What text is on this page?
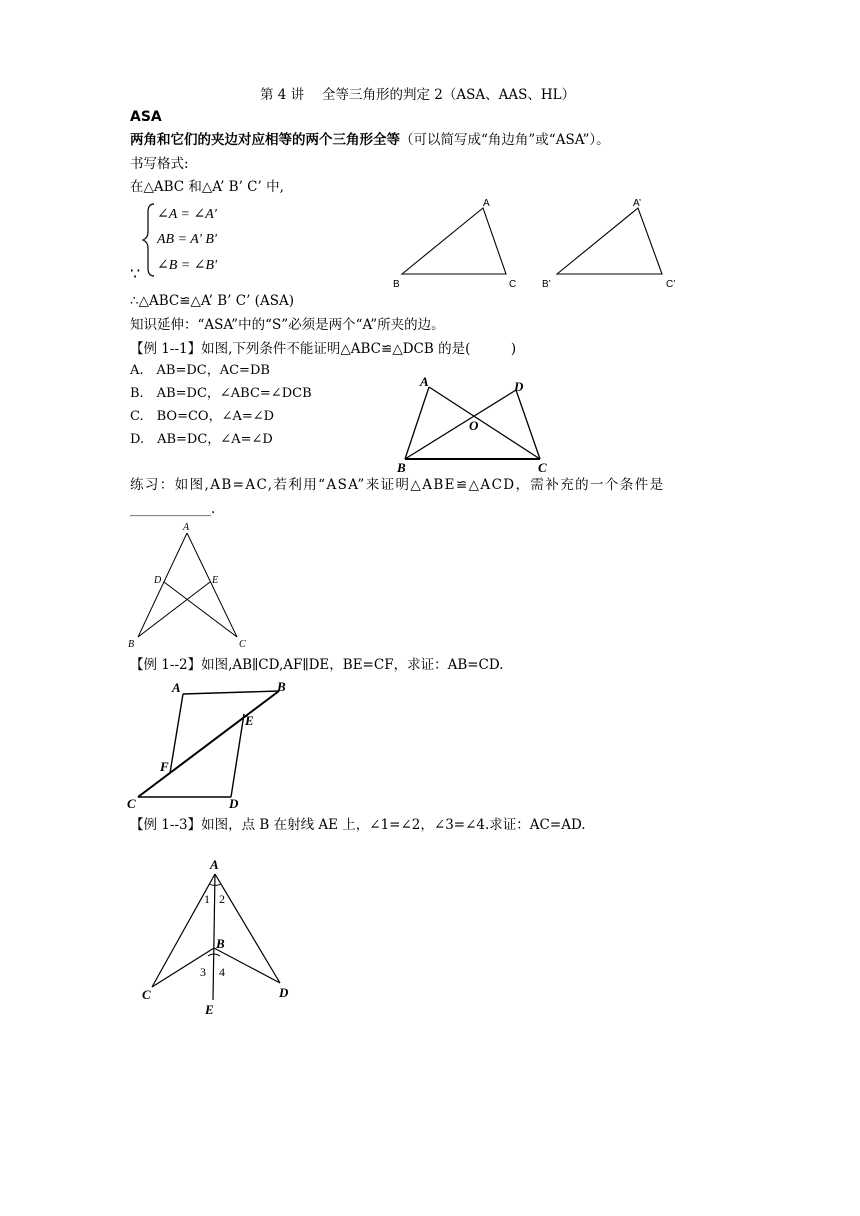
第 4 讲　 全等三角形的判定 2（ASA、AAS、HL）
ASA
两角和它们的夹边对应相等的两个三角形全等（可以简写成“角边角”或“ASA”）。
书写格式:
在△ABC 和△A’ B’ C’ 中,
∠A = ∠A'
AB = A' B'
∠B = ∠B'
∵
∴△ABC≌△A’ B’ C’ (ASA)
知识延伸：“ASA”中的“S”必须是两个“A”所夹的边。
A
B	C
A’
B’	C’
【例 1--1】如图,下列条件不能证明△ABC≌△DCB 的是(　　　)
A.　AB=DC，AC=DB
B.　AB=DC，∠ABC=∠DCB
C.　BO=CO，∠A=∠D
D.　AB=DC，∠A=∠D
A	D
O
B	C
练习：如图,AB=AC,若利用“ASA”来证明△ABE≌△ACD，需补充的一个条件是
____________.
A
D	E
B	C
【例 1--2】如图,AB∥CD,AF∥DE，BE=CF，求证：AB=CD.
A	B
E
F
C	D
【例 1--3】如图，点 B 在射线 AE 上，∠1=∠2，∠3=∠4.求证：AC=AD.
A
1 2
B
3 4
C	D
E
